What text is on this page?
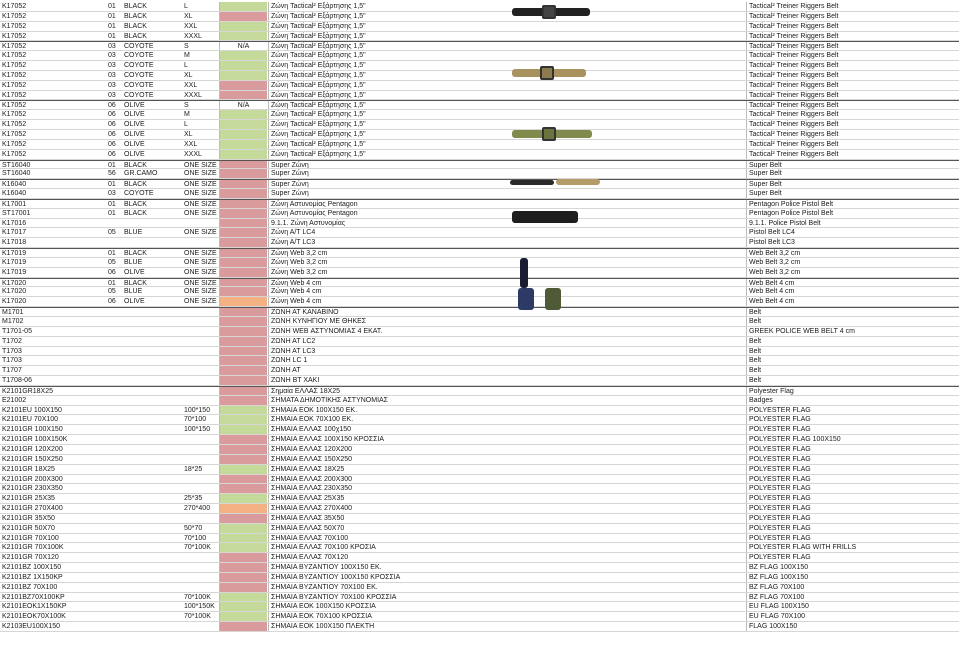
K17052	01	BLACK	L	Ζώνη Tactical² Εξάρτησης 1,5"	Tactical² Treiner Riggers Belt
K17052	01	BLACK	XL	Ζώνη Tactical² Εξάρτησης 1,5"	Tactical² Treiner Riggers Belt
K17052	01	BLACK	XXL	Ζώνη Tactical² Εξάρτησης 1,5"	Tactical² Treiner Riggers Belt
K17052	01	BLACK	XXXL	Ζώνη Tactical² Εξάρτησης 1,5"	Tactical² Treiner Riggers Belt
K17052	03	COYOTE	S	N/A	Ζώνη Tactical² Εξάρτησης 1,5"	Tactical² Treiner Riggers Belt
K17052	03	COYOTE	M	Ζώνη Tactical² Εξάρτησης 1,5"	Tactical² Treiner Riggers Belt
K17052	03	COYOTE	L	Ζώνη Tactical² Εξάρτησης 1,5"	Tactical² Treiner Riggers Belt
K17052	03	COYOTE	XL	Ζώνη Tactical² Εξάρτησης 1,5"	Tactical² Treiner Riggers Belt
K17052	03	COYOTE	XXL	Ζώνη Tactical² Εξάρτησης 1,5"	Tactical² Treiner Riggers Belt
K17052	03	COYOTE	XXXL	Ζώνη Tactical² Εξάρτησης 1,5"	Tactical² Treiner Riggers Belt
K17052	06	OLIVE	S	N/A	Ζώνη Tactical² Εξάρτησης 1,5"	Tactical² Treiner Riggers Belt
K17052	06	OLIVE	M	Ζώνη Tactical² Εξάρτησης 1,5"	Tactical² Treiner Riggers Belt
K17052	06	OLIVE	L	Ζώνη Tactical² Εξάρτησης 1,5"	Tactical² Treiner Riggers Belt
K17052	06	OLIVE	XL	Ζώνη Tactical² Εξάρτησης 1,5"	Tactical² Treiner Riggers Belt
K17052	06	OLIVE	XXL	Ζώνη Tactical² Εξάρτησης 1,5"	Tactical² Treiner Riggers Belt
K17052	06	OLIVE	XXXL	Ζώνη Tactical² Εξάρτησης 1,5"	Tactical² Treiner Riggers Belt
ST16040	01	BLACK	ONE SIZE	Super Ζώνη	Super Belt
ST16040	56	GR.CAMO	ONE SIZE	Super Ζώνη	Super Belt
K16040	01	BLACK	ONE SIZE	Super Ζώνη	Super Belt
K16040	03	COYOTE	ONE SIZE	Super Ζώνη	Super Belt
K17001	01	BLACK	ONE SIZE	Ζώνη Αστυνομίας Pentagon	Pentagon Police Pistol Belt
ST17001	01	BLACK	ONE SIZE	Ζώνη Αστυνομίας Pentagon	Pentagon Police Pistol Belt
K17016	9.1.1. Ζώνη Αστυνομίας	9.1.1. Police Pistol Belt
K17017	05	BLUE	ONE SIZE	Ζώνη Α/Τ LC4	Pistol Belt LC4
K17018	Ζώνη Α/Τ LC3	Pistol Belt LC3
K17019	01	BLACK	ONE SIZE	Ζώνη Web 3,2 cm	Web Belt 3,2 cm
K17019	05	BLUE	ONE SIZE	Ζώνη Web 3,2 cm	Web Belt 3,2 cm
K17019	06	OLIVE	ONE SIZE	Ζώνη Web 3,2 cm	Web Belt 3,2 cm
K17020	01	BLACK	ONE SIZE	Ζώνη Web 4 cm	Web Belt 4 cm
K17020	05	BLUE	ONE SIZE	Ζώνη Web 4 cm	Web Belt 4 cm
K17020	06	OLIVE	ONE SIZE	Ζώνη Web 4 cm	Web Belt 4 cm
M1701	ΖΩΝΗ ΑΤ ΚΑΝΑΒΙΝΟ	Belt
M1702	ΖΩΝΗ ΚΥΝΗΓΙΟΥ ΜΕ ΘΗΚΕΣ	Belt
T1701-05	ΖΩΝΗ WEB ΑΣΤΥΝΟΜΙΑΣ 4 ΕΚΑΤ.	GREEK POLICE WEB BELT 4 cm
T1702	ΖΩΝΗ ΑΤ LC2	Belt
T1703	ΖΩΝΗ ΑΤ LC3	Belt
T1703	ΖΩΝΗ LC 1	Belt
T1707	ΖΩΝΗ ΑΤ	Belt
T1708-06	ΖΩΝΗ ΒΤ ΧΑΚΙ	Belt
K2101GR18X25	Σημαία ΕΛΛΑΣ 18Χ25	Polyester Flag
E21002	ΣΗΜΑΤΑ ΔΗΜΟΤΙΚΗΣ ΑΣΤΥΝΟΜΙΑΣ	Badges
K2101EU 100X150	100*150	ΣΗΜΑΙΑ ΕΟΚ 100Χ150 ΕΚ.	POLYESTER FLAG
K2101EU 70X100	70*100	ΣΗΜΑΙΑ ΕΟΚ 70Χ100 ΕΚ.	POLYESTER FLAG
K2101GR 100X150	100*150	ΣΗΜΑΙΑ ΕΛΛΑΣ 100χ150	POLYESTER FLAG
K2101GR 100X150K	ΣΗΜΑΙΑ ΕΛΛΑΣ 100Χ150 ΚΡΟΣΣΙΑ	POLYESTER FLAG 100X150
K2101GR 120X200	ΣΗΜΑΙΑ ΕΛΛΑΣ 120Χ200	POLYESTER FLAG
K2101GR 150X250	ΣΗΜΑΙΑ ΕΛΛΑΣ 150Χ250	POLYESTER FLAG
K2101GR 18X25	18*25	ΣΗΜΑΙΑ ΕΛΛΑΣ 18Χ25	POLYESTER FLAG
K2101GR 200X300	ΣΗΜΑΙΑ ΕΛΛΑΣ 200Χ300	POLYESTER FLAG
K2101GR 230X350	ΣΗΜΑΙΑ ΕΛΛΑΣ 230Χ350	POLYESTER FLAG
K2101GR 25X35	25*35	ΣΗΜΑΙΑ ΕΛΛΑΣ 25Χ35	POLYESTER FLAG
K2101GR 270X400	270*400	ΣΗΜΑΙΑ ΕΛΛΑΣ 270Χ400	POLYESTER FLAG
K2101GR 35X50	ΣΗΜΑΙΑ ΕΛΛΑΣ 35Χ50	POLYESTER FLAG
K2101GR 50X70	50*70	ΣΗΜΑΙΑ ΕΛΛΑΣ 50Χ70	POLYESTER FLAG
K2101GR 70X100	70*100	ΣΗΜΑΙΑ ΕΛΛΑΣ 70Χ100	POLYESTER FLAG
K2101GR 70X100K	70*100K	ΣΗΜΑΙΑ ΕΛΛΑΣ 70Χ100 ΚΡΟΣΙΑ	POLYESTER FLAG WITH FRILLS
K2101GR 70X120	ΣΗΜΑΙΑ ΕΛΛΑΣ 70Χ120	POLYESTER FLAG
K2101BZ 100X150	ΣΗΜΑΙΑ ΒΥΖΑΝΤΙΟΥ 100Χ150 ΕΚ.	BZ FLAG 100X150
K2101BZ 1X150KP	ΣΗΜΑΙΑ ΒΥΖΑΝΤΙΟΥ 100Χ150 ΚΡΟΣΣΙΑ	BZ FLAG 100X150
K2101BZ 70X100	ΣΗΜΑΙΑ ΒΥΖΑΝΤΙΟΥ 70Χ100 ΕΚ.	BZ FLAG 70X100
K2101BZ70X100KP	70*100K	ΣΗΜΑΙΑ ΒΥΖΑΝΤΙΟΥ 70Χ100 ΚΡΟΣΣΙΑ	BZ FLAG 70X100
K2101EOK1X150KP	100*150K	ΣΗΜΑΙΑ ΕΟΚ 100Χ150 ΚΡΟΣΣΙΑ	EU FLAG 100X150
K2101EOK70X100K	70*100K	ΣΗΜΑΙΑ ΕΟΚ 70Χ100 ΚΡΟΣΣΙΑ	EU FLAG 70X100
K2103EU100X150	ΣΗΜΑΙΑ ΕΟΚ 100Χ150 ΠΛΕΚΤΗ	FLAG 100X150
